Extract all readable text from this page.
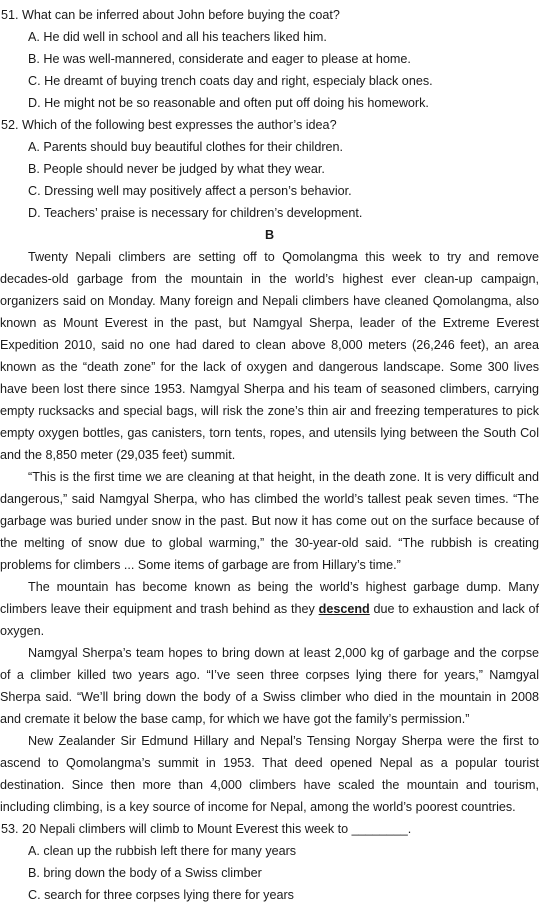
51. What can be inferred about John before buying the coat?
A. He did well in school and all his teachers liked him.
B. He was well-mannered, considerate and eager to please at home.
C. He dreamt of buying trench coats day and right, especialy black ones.
D. He might not be so reasonable and often put off doing his homework.
52. Which of the following best expresses the author’s idea?
A. Parents should buy beautiful clothes for their children.
B. People should never be judged by what they wear.
C. Dressing well may positively affect a person’s behavior.
D. Teachers’ praise is necessary for children’s development.
B

Twenty Nepali climbers are setting off to Qomolangma this week to try and remove decades-old garbage from the mountain in the world’s highest ever clean-up campaign, organizers said on Monday. Many foreign and Nepali climbers have cleaned Qomolangma, also known as Mount Everest in the past, but Namgyal Sherpa, leader of the Extreme Everest Expedition 2010, said no one had dared to clean above 8,000 meters (26,246 feet), an area known as the “death zone” for the lack of oxygen and dangerous landscape. Some 300 lives have been lost there since 1953. Namgyal Sherpa and his team of seasoned climbers, carrying empty rucksacks and special bags, will risk the zone’s thin air and freezing temperatures to pick empty oxygen bottles, gas canisters, torn tents, ropes, and utensils lying between the South Col and the 8,850 meter (29,035 feet) summit.

“This is the first time we are cleaning at that height, in the death zone. It is very difficult and dangerous,” said Namgyal Sherpa, who has climbed the world’s tallest peak seven times. “The garbage was buried under snow in the past. But now it has come out on the surface because of the melting of snow due to global warming,” the 30-year-old said. “The rubbish is creating problems for climbers ... Some items of garbage are from Hillary’s time.”

The mountain has become known as being the world’s highest garbage dump. Many climbers leave their equipment and trash behind as they descend due to exhaustion and lack of oxygen.

Namgyal Sherpa’s team hopes to bring down at least 2,000 kg of garbage and the corpse of a climber killed two years ago. “I’ve seen three corpses lying there for years,” Namgyal Sherpa said. “We’ll bring down the body of a Swiss climber who died in the mountain in 2008 and cremate it below the base camp, for which we have got the family’s permission.”

New Zealander Sir Edmund Hillary and Nepal’s Tensing Norgay Sherpa were the first to ascend to Qomolangma’s summit in 1953. That deed opened Nepal as a popular tourist destination. Since then more than 4,000 climbers have scaled the mountain and tourism, including climbing, is a key source of income for Nepal, among the world’s poorest countries.

53. 20 Nepali climbers will climb to Mount Everest this week to ________.
A. clean up the rubbish left there for many years
B. bring down the body of a Swiss climber
C. search for three corpses lying there for years
